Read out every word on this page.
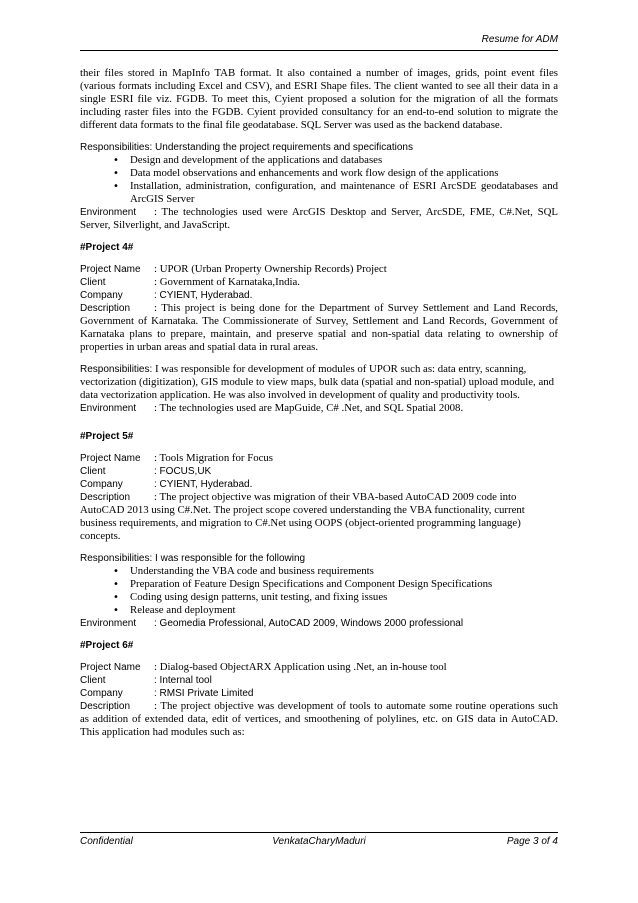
Resume for ADM

their files stored in MapInfo TAB format. It also contained a number of images, grids, point event files (various formats including Excel and CSV), and ESRI Shape files. The client wanted to see all their data in a single ESRI file viz. FGDB. To meet this, Cyient proposed a solution for the migration of all the formats including raster files into the FGDB. Cyient provided consultancy for an end-to-end solution to migrate the different data formats to the final file geodatabase. SQL Server was used as the backend database.

Responsibilities: Understanding the project requirements and specifications

• Design and development of the applications and databases
• Data model observations and enhancements and work flow design of the applications
• Installation, administration, configuration, and maintenance of ESRI ArcSDE geodatabases and ArcGIS Server

Environment : The technologies used were ArcGIS Desktop and Server, ArcSDE, FME, C#.Net, SQL Server, Silverlight, and JavaScript.

#Project 4#

Project Name	: UPOR (Urban Property Ownership Records) Project
Client	: Government of Karnataka,India.
Company	: CYIENT, Hyderabad.

Description : This project is being done for the Department of Survey Settlement and Land Records, Government of Karnataka. The Commissionerate of Survey, Settlement and Land Records, Government of Karnataka plans to prepare, maintain, and preserve spatial and non-spatial data relating to ownership of properties in urban areas and spatial data in rural areas.

Responsibilities: I was responsible for development of modules of UPOR such as: data entry, scanning, vectorization (digitization), GIS module to view maps, bulk data (spatial and non-spatial) upload module, and data vectorization application. He was also involved in development of quality and productivity tools.

Environment : The technologies used are MapGuide, C# .Net, and SQL Spatial 2008.

#Project 5#

Project Name	: Tools Migration for Focus
Client	: FOCUS,UK
Company	: CYIENT, Hyderabad.

Description : The project objective was migration of their VBA-based AutoCAD 2009 code into AutoCAD 2013 using C#.Net. The project scope covered understanding the VBA functionality, current business requirements, and migration to C#.Net using OOPS (object-oriented programming language) concepts.

Responsibilities: I was responsible for the following

• Understanding the VBA code and business requirements
• Preparation of Feature Design Specifications and Component Design Specifications
• Coding using design patterns, unit testing, and fixing issues
• Release and deployment

Environment : Geomedia Professional, AutoCAD 2009, Windows 2000 professional

#Project 6#

Project Name	: Dialog-based ObjectARX Application using .Net, an in-house tool
Client	: Internal tool
Company	: RMSI Private Limited

Description : The project objective was development of tools to automate some routine operations such as addition of extended data, edit of vertices, and smoothening of polylines, etc. on GIS data in AutoCAD. This application had modules such as:

Confidential	VenkataCharyMaduri	Page 3 of 4
